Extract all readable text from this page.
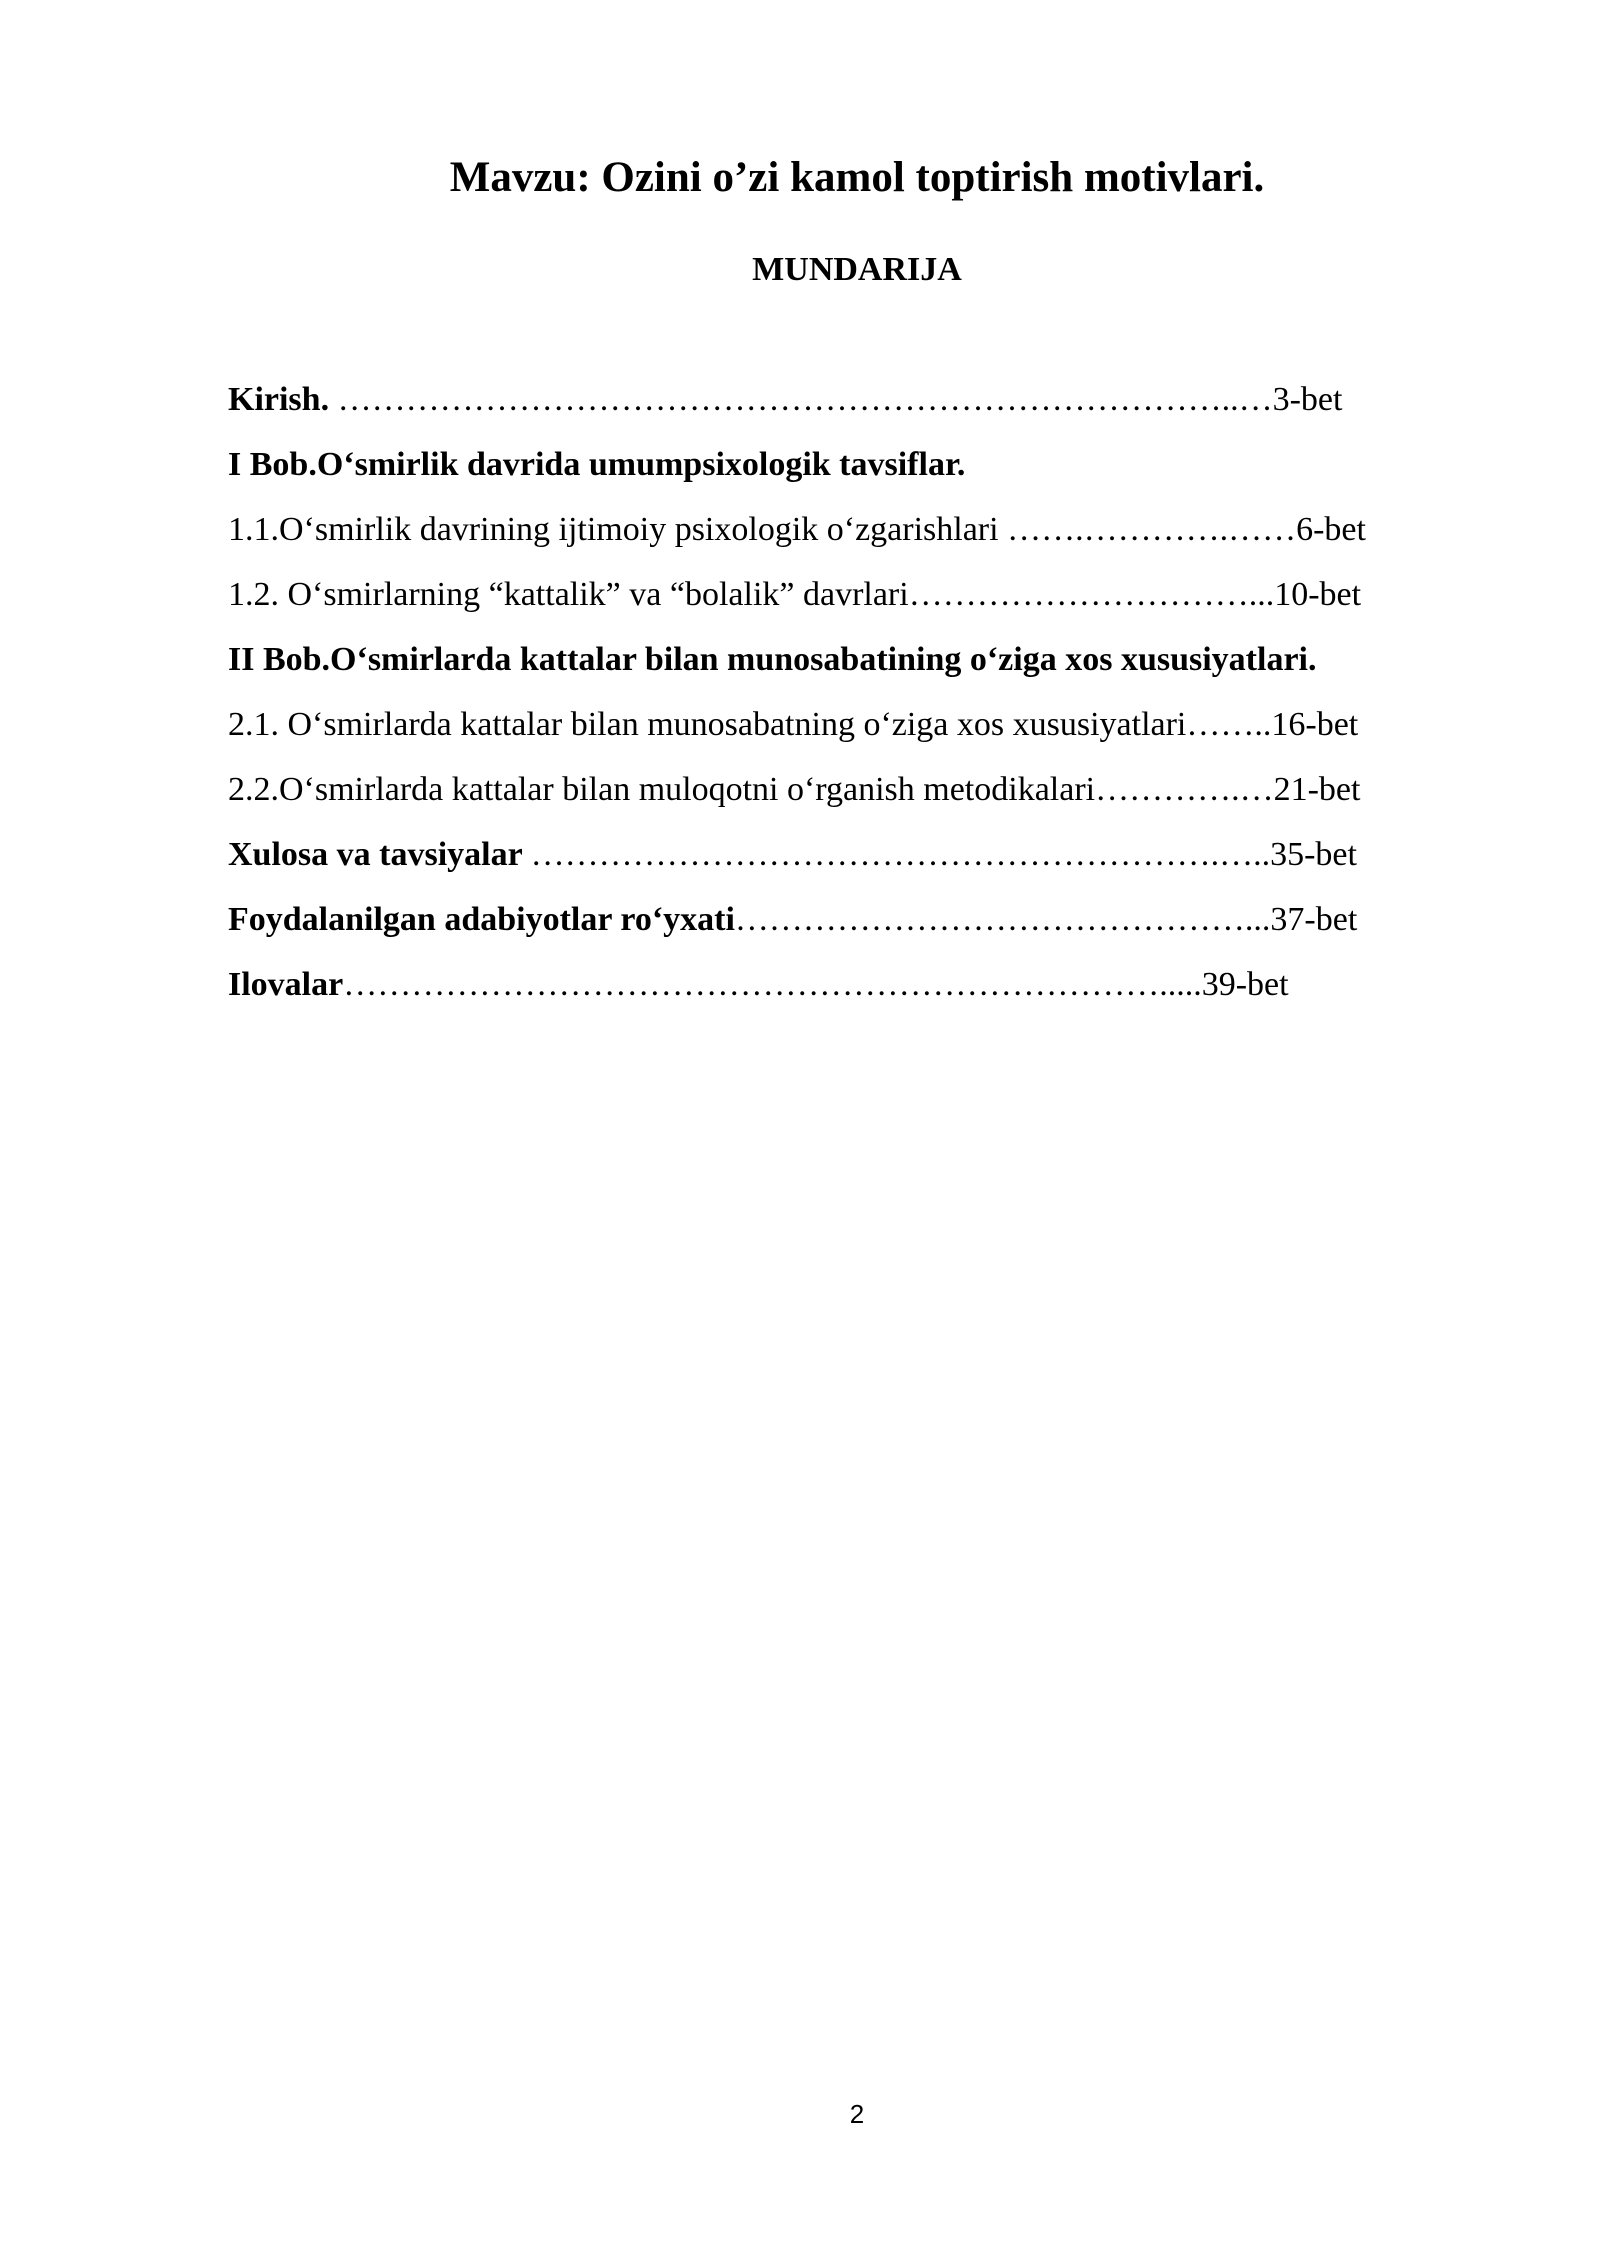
Mavzu: Ozini o’zi kamol toptirish motivlari.
MUNDARIJA
Kirish. ……………………………………………………………………..…3-bet
I Bob.O‘smirlik davrida umumpsixologik tavsiflar.
1.1.O‘smirlik davrining ijtimoiy psixologik o‘zgarishlari …….………….……6-bet
1.2. O‘smirlarning “kattalik” va “bolalik” davrlari…………………………...10-bet
II Bob.O‘smirlarda kattalar bilan munosabatining o‘ziga xos xususiyatlari.
2.1. O‘smirlarda kattalar bilan munosabatning o‘ziga xos xususiyatlari……..16-bet
2.2.O‘smirlarda kattalar bilan muloqotni o‘rganish metodikalari………….…21-bet
Xulosa va tavsiyalar …………………………………………………….…..35-bet
Foydalanilgan adabiyotlar ro‘yxati………………………………………...37-bet
Ilovalar……………………………………………………………….....39-bet
2
